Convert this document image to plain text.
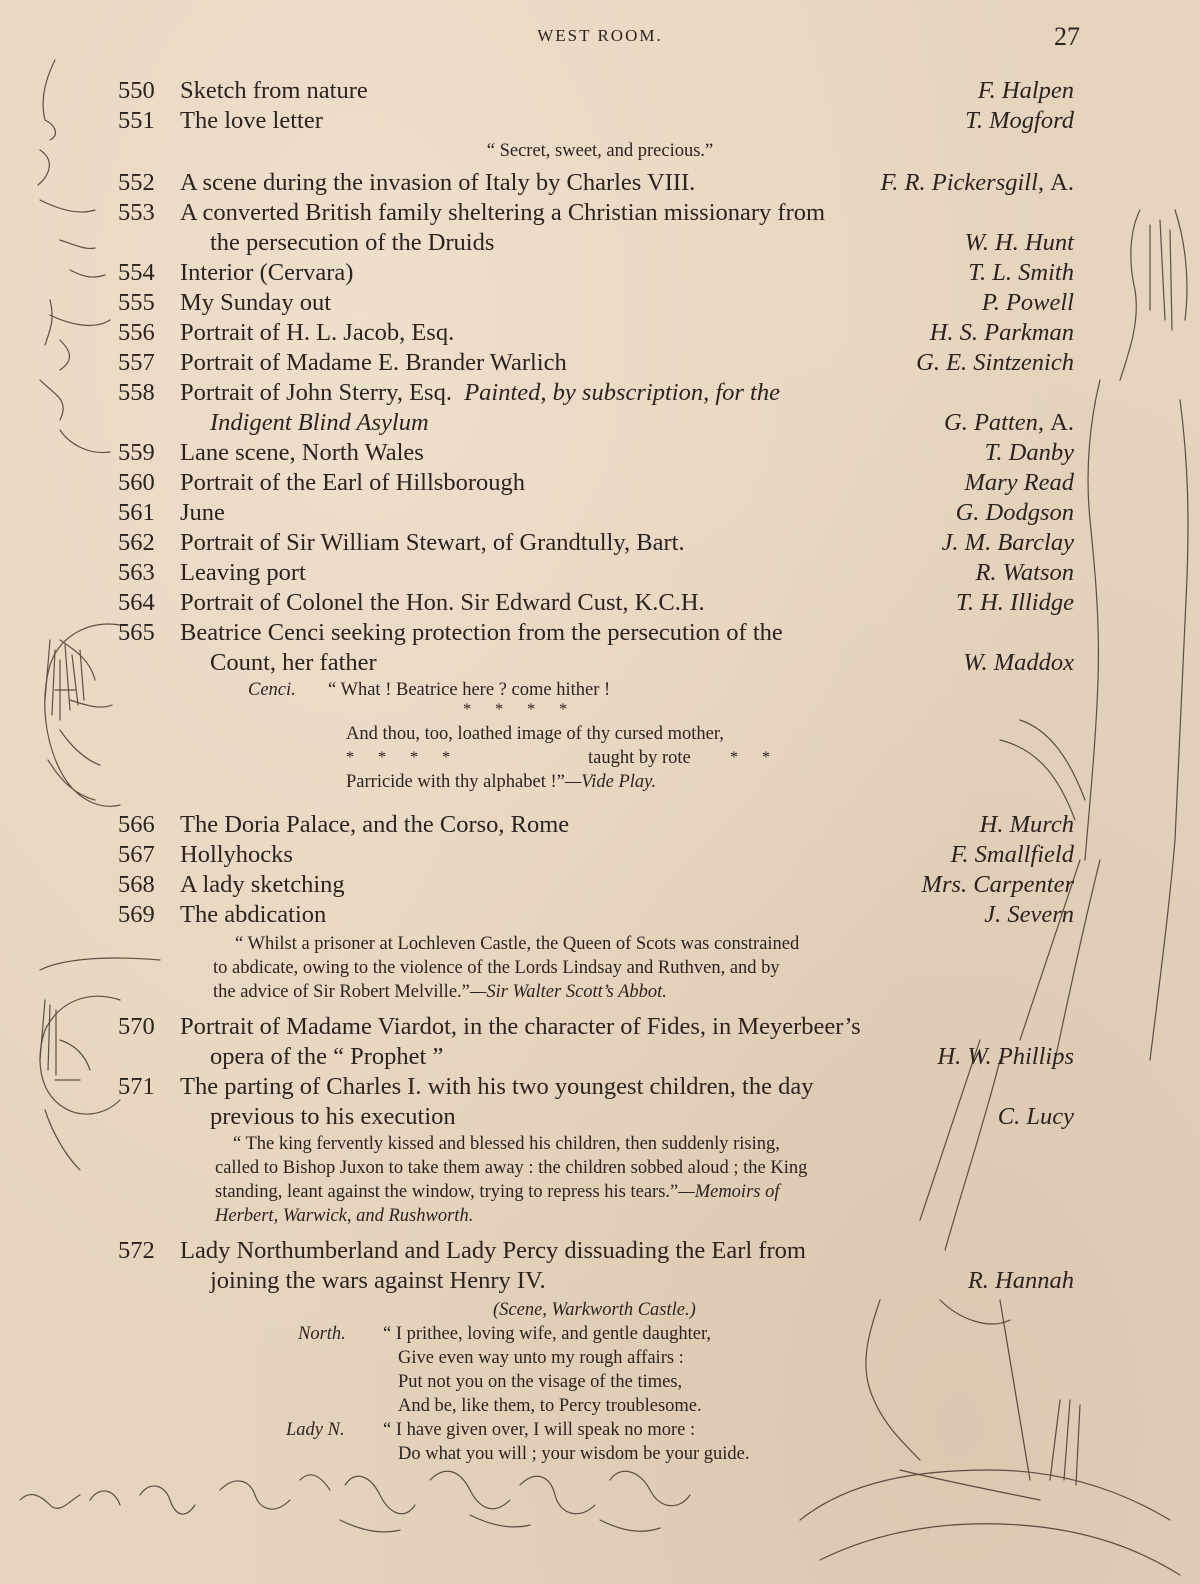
WEST ROOM.	27
550	Sketch from nature	F. Halpen
551	The love letter	T. Mogford
“ Secret, sweet, and precious.”
552	A scene during the invasion of Italy by Charles VIII.	F. R. Pickersgill, A.
553	A converted British family sheltering a Christian missionary from
the persecution of the Druids	W. H. Hunt
554	Interior (Cervara)	T. L. Smith
555	My Sunday out	P. Powell
556	Portrait of H. L. Jacob, Esq.	H. S. Parkman
557	Portrait of Madame E. Brander Warlich	G. E. Sintzenich
558	Portrait of John Sterry, Esq. Painted, by subscription, for the
Indigent Blind Asylum	G. Patten, A.
559	Lane scene, North Wales	T. Danby
560	Portrait of the Earl of Hillsborough	Mary Read
561	June	G. Dodgson
562	Portrait of Sir William Stewart, of Grandtully, Bart.	J. M. Barclay
563	Leaving port	R. Watson
564	Portrait of Colonel the Hon. Sir Edward Cust, K.C.H.	T. H. Illidge
565	Beatrice Cenci seeking protection from the persecution of the
Count, her father	W. Maddox
Cenci. “ What ! Beatrice here ? come hither !
* * * *
And thou, too, loathed image of thy cursed mother,
* * * *	taught by rote * *
Parricide with thy alphabet !”—Vide Play.
566	The Doria Palace, and the Corso, Rome	H. Murch
567	Hollyhocks	F. Smallfield
568	A lady sketching	Mrs. Carpenter
569	The abdication	J. Severn
“ Whilst a prisoner at Lochleven Castle, the Queen of Scots was constrained
to abdicate, owing to the violence of the Lords Lindsay and Ruthven, and by
the advice of Sir Robert Melville.”—Sir Walter Scott’s Abbot.
570	Portrait of Madame Viardot, in the character of Fides, in Meyerbeer’s
opera of the “ Prophet ”	H. W. Phillips
571	The parting of Charles I. with his two youngest children, the day
previous to his execution	C. Lucy
“ The king fervently kissed and blessed his children, then suddenly rising,
called to Bishop Juxon to take them away : the children sobbed aloud ; the King
standing, leant against the window, trying to repress his tears.”—Memoirs of
Herbert, Warwick, and Rushworth.
572	Lady Northumberland and Lady Percy dissuading the Earl from
joining the wars against Henry IV.	R. Hannah
(Scene, Warkworth Castle.)
North. “ I prithee, loving wife, and gentle daughter,
Give even way unto my rough affairs :
Put not you on the visage of the times,
And be, like them, to Percy troublesome.
Lady N. “ I have given over, I will speak no more :
Do what you will ; your wisdom be your guide.
